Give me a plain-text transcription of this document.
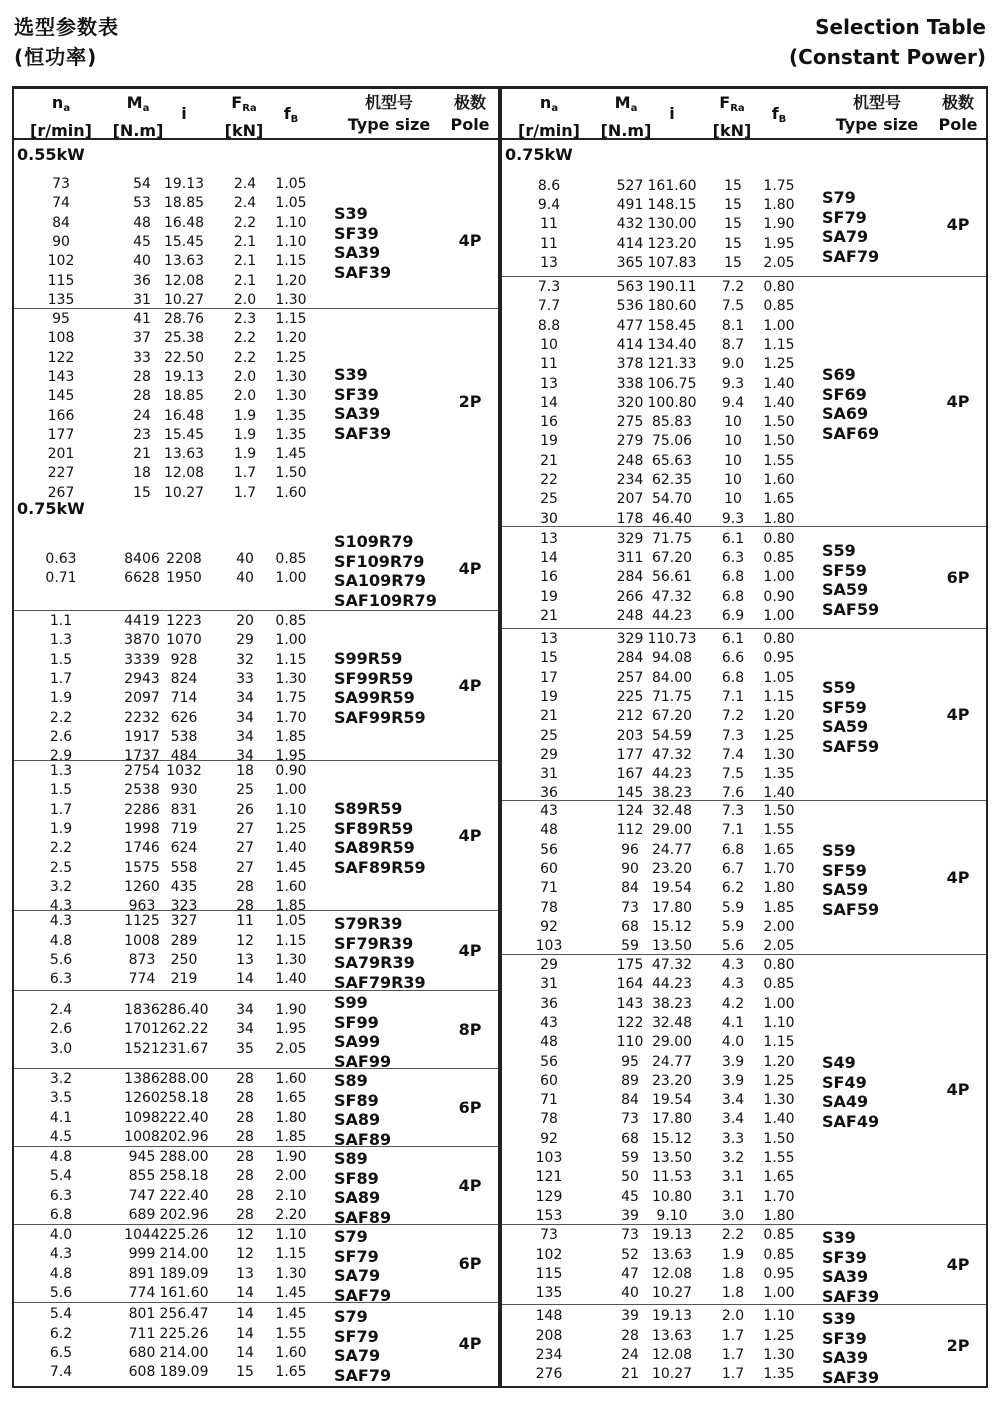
选型参数表
(恒功率)
Selection Table
(Constant Power)
$n_a$
[r/min]
$M_a$
[N.m]
i
$F_{Ra}$
[kN]
$f_B$
机型号
Type size
极数
Pole
0.55kW
73	54 19.13	2.4	1.05
74	53 18.85	2.4	1.05
84	48 16.48	2.2	1.10
90	45 15.45	2.1	1.10
102	40 13.63	2.1	1.15
115	36 12.08	2.1	1.20
135	31 10.27	2.0	1.30
S39
SF39
SA39
SAF39
4P
95	41 28.76	2.3	1.15
108	37 25.38	2.2	1.20
122	33 22.50	2.2	1.25
143	28 19.13	2.0	1.30
145	28 18.85	2.0	1.30
166	24 16.48	1.9	1.35
177	23 15.45	1.9	1.35
201	21 13.63	1.9	1.45
227	18 12.08	1.7	1.50
267	15 10.27	1.7	1.60
S39
SF39
SA39
SAF39
2P
0.75kW
0.63	8406 2208	40	0.85
0.71	6628 1950	40	1.00
S109R79
SF109R79
SA109R79
SAF109R79
4P
1.1	4419 1223	20	0.85
1.3	3870 1070	29	1.00
1.5	3339 928	32	1.15
1.7	2943 824	33	1.30
1.9	2097 714	34	1.75
2.2	2232 626	34	1.70
2.6	1917 538	34	1.85
2.9	1737 484	34	1.95
S99R59
SF99R59
SA99R59
SAF99R59
4P
1.3	2754 1032	18	0.90
1.5	2538 930	25	1.00
1.7	2286 831	26	1.10
1.9	1998 719	27	1.25
2.2	1746 624	27	1.40
2.5	1575 558	27	1.45
3.2	1260 435	28	1.60
4.3	963	323	28	1.85
S89R59
SF89R59
SA89R59
SAF89R59
4P
4.3	1125 327	11	1.05
4.8	1008 289	12	1.15
5.6	873	250	13	1.30
6.3	774	219	14	1.40
S79R39
SF79R39
SA79R39
SAF79R39
4P
2.4	1836 286.40	34	1.90
2.6	1701 262.22	34	1.95
3.0	1521 231.67	35	2.05
S99
SF99
SA99
SAF99
8P
3.2	1386 288.00	28	1.60
3.5	1260 258.18	28	1.65
4.1	1098 222.40	28	1.80
4.5	1008 202.96	28	1.85
S89
SF89
SA89
SAF89
6P
4.8	945 288.00	28	1.90
5.4	855 258.18	28	2.00
6.3	747 222.40	28	2.10
6.8	689 202.96	28	2.20
S89
SF89
SA89
SAF89
4P
4.0	1044 225.26	12	1.10
4.3	999 214.00	12	1.15
4.8	891 189.09	13	1.30
5.6	774 161.60	14	1.45
S79
SF79
SA79
SAF79
6P
5.4	801 256.47	14	1.45
6.2	711 225.26	14	1.55
6.5	680 214.00	14	1.60
7.4	608 189.09	15	1.65
S79
SF79
SA79
SAF79
4P
$n_a$
[r/min]
$M_a$
[N.m]
i
$F_{Ra}$
[kN]
$f_B$
机型号
Type size
极数
Pole
0.75kW
8.6	527 161.60	15	1.75
9.4	491 148.15	15	1.80
11	432 130.00	15	1.90
11	414 123.20	15	1.95
13	365 107.83	15	2.05
S79
SF79
SA79
SAF79
4P
7.3	563 190.11	7.2	0.80
7.7	536 180.60	7.5	0.85
8.8	477 158.45	8.1	1.00
10	414 134.40	8.7	1.15
11	378 121.33	9.0	1.25
13	338 106.75	9.3	1.40
14	320 100.80	9.4	1.40
16	275 85.83	10	1.50
19	279 75.06	10	1.50
21	248 65.63	10	1.55
22	234 62.35	10	1.60
25	207 54.70	10	1.65
30	178 46.40	9.3	1.80
S69
SF69
SA69
SAF69
4P
13	329 71.75	6.1	0.80
14	311 67.20	6.3	0.85
16	284 56.61	6.8	1.00
19	266 47.32	6.8	0.90
21	248 44.23	6.9	1.00
S59
SF59
SA59
SAF59
6P
13	329 110.73	6.1	0.80
15	284 94.08	6.6	0.95
17	257 84.00	6.8	1.05
19	225 71.75	7.1	1.15
21	212 67.20	7.2	1.20
25	203 54.59	7.3	1.25
29	177 47.32	7.4	1.30
31	167 44.23	7.5	1.35
36	145 38.23	7.6	1.40
S59
SF59
SA59
SAF59
4P
43	124 32.48	7.3	1.50
48	112 29.00	7.1	1.55
56	96 24.77	6.8	1.65
60	90 23.20	6.7	1.70
71	84 19.54	6.2	1.80
78	73 17.80	5.9	1.85
92	68 15.12	5.9	2.00
103	59 13.50	5.6	2.05
S59
SF59
SA59
SAF59
4P
29	175 47.32	4.3	0.80
31	164 44.23	4.3	0.85
36	143 38.23	4.2	1.00
43	122 32.48	4.1	1.10
48	110 29.00	4.0	1.15
56	95 24.77	3.9	1.20
60	89 23.20	3.9	1.25
71	84 19.54	3.4	1.30
78	73 17.80	3.4	1.40
92	68 15.12	3.3	1.50
103	59 13.50	3.2	1.55
121	50 11.53	3.1	1.65
129	45 10.80	3.1	1.70
153	39	9.10	3.0	1.80
S49
SF49
SA49
SAF49
4P
73	73 19.13	2.2	0.85
102	52 13.63	1.9	0.85
115	47 12.08	1.8	0.95
135	40 10.27	1.8	1.00
S39
SF39
SA39
SAF39
4P
148	39 19.13	2.0	1.10
208	28 13.63	1.7	1.25
234	24 12.08	1.7	1.30
276	21 10.27	1.7	1.35
S39
SF39
SA39
SAF39
2P
